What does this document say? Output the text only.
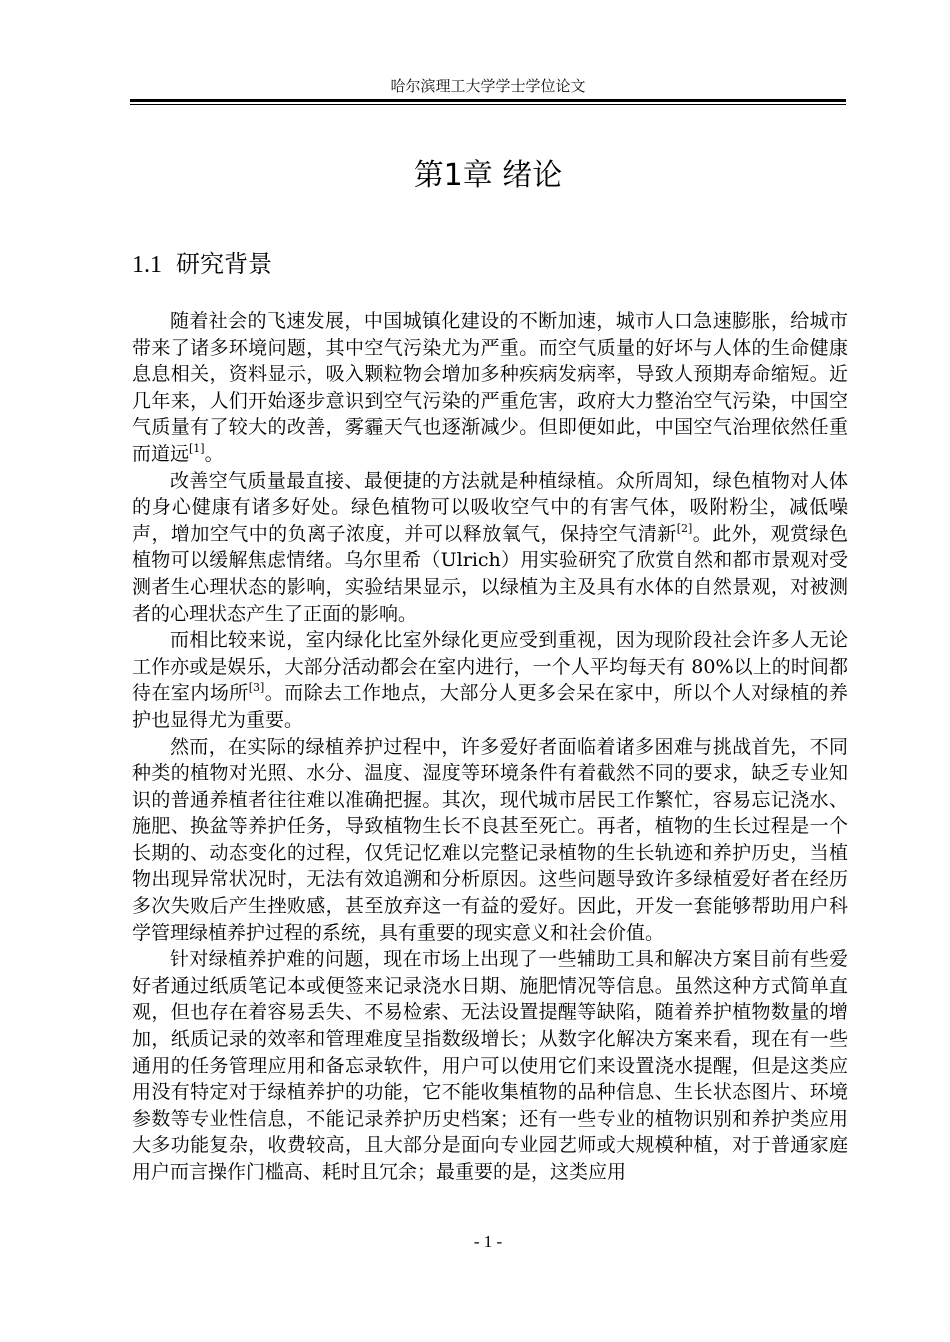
哈尔滨理工大学学士学位论文
第1章 绪论
1.1 研究背景

随着社会的飞速发展，中国城镇化建设的不断加速，城市人口急速膨胀，给城市带来了诸多环境问题，其中空气污染尤为严重。而空气质量的好坏与人体的生命健康息息相关，资料显示，吸入颗粒物会增加多种疾病发病率，导致人预期寿命缩短。近几年来，人们开始逐步意识到空气污染的严重危害，政府大力整治空气污染，中国空气质量有了较大的改善，雾霾天气也逐渐减少。但即便如此，中国空气治理依然任重而道远[1]。

改善空气质量最直接、最便捷的方法就是种植绿植。众所周知，绿色植物对人体的身心健康有诸多好处。绿色植物可以吸收空气中的有害气体，吸附粉尘，减低噪声，增加空气中的负离子浓度，并可以释放氧气，保持空气清新[2]。此外，观赏绿色植物可以缓解焦虑情绪。乌尔里希（Ulrich）用实验研究了欣赏自然和都市景观对受测者生心理状态的影响，实验结果显示，以绿植为主及具有水体的自然景观，对被测者的心理状态产生了正面的影响。

而相比较来说，室内绿化比室外绿化更应受到重视，因为现阶段社会许多人无论工作亦或是娱乐，大部分活动都会在室内进行，一个人平均每天有 80%以上的时间都待在室内场所[3]。而除去工作地点，大部分人更多会呆在家中，所以个人对绿植的养护也显得尤为重要。

然而，在实际的绿植养护过程中，许多爱好者面临着诸多困难与挑战首先，不同种类的植物对光照、水分、温度、湿度等环境条件有着截然不同的要求，缺乏专业知识的普通养植者往往难以准确把握。其次，现代城市居民工作繁忙，容易忘记浇水、施肥、换盆等养护任务，导致植物生长不良甚至死亡。再者，植物的生长过程是一个长期的、动态变化的过程，仅凭记忆难以完整记录植物的生长轨迹和养护历史，当植物出现异常状况时，无法有效追溯和分析原因。这些问题导致许多绿植爱好者在经历多次失败后产生挫败感，甚至放弃这一有益的爱好。因此，开发一套能够帮助用户科学管理绿植养护过程的系统，具有重要的现实意义和社会价值。

针对绿植养护难的问题，现在市场上出现了一些辅助工具和解决方案目前有些爱好者通过纸质笔记本或便签来记录浇水日期、施肥情况等信息。虽然这种方式简单直观，但也存在着容易丢失、不易检索、无法设置提醒等缺陷，随着养护植物数量的增加，纸质记录的效率和管理难度呈指数级增长；从数字化解决方案来看，现在有一些通用的任务管理应用和备忘录软件，用户可以使用它们来设置浇水提醒，但是这类应用没有特定对于绿植养护的功能，它不能收集植物的品种信息、生长状态图片、环境参数等专业性信息，不能记录养护历史档案；还有一些专业的植物识别和养护类应用大多功能复杂，收费较高，且大部分是面向专业园艺师或大规模种植，对于普通家庭用户而言操作门槛高、耗时且冗余；最重要的是，这类应用

- 1 -
